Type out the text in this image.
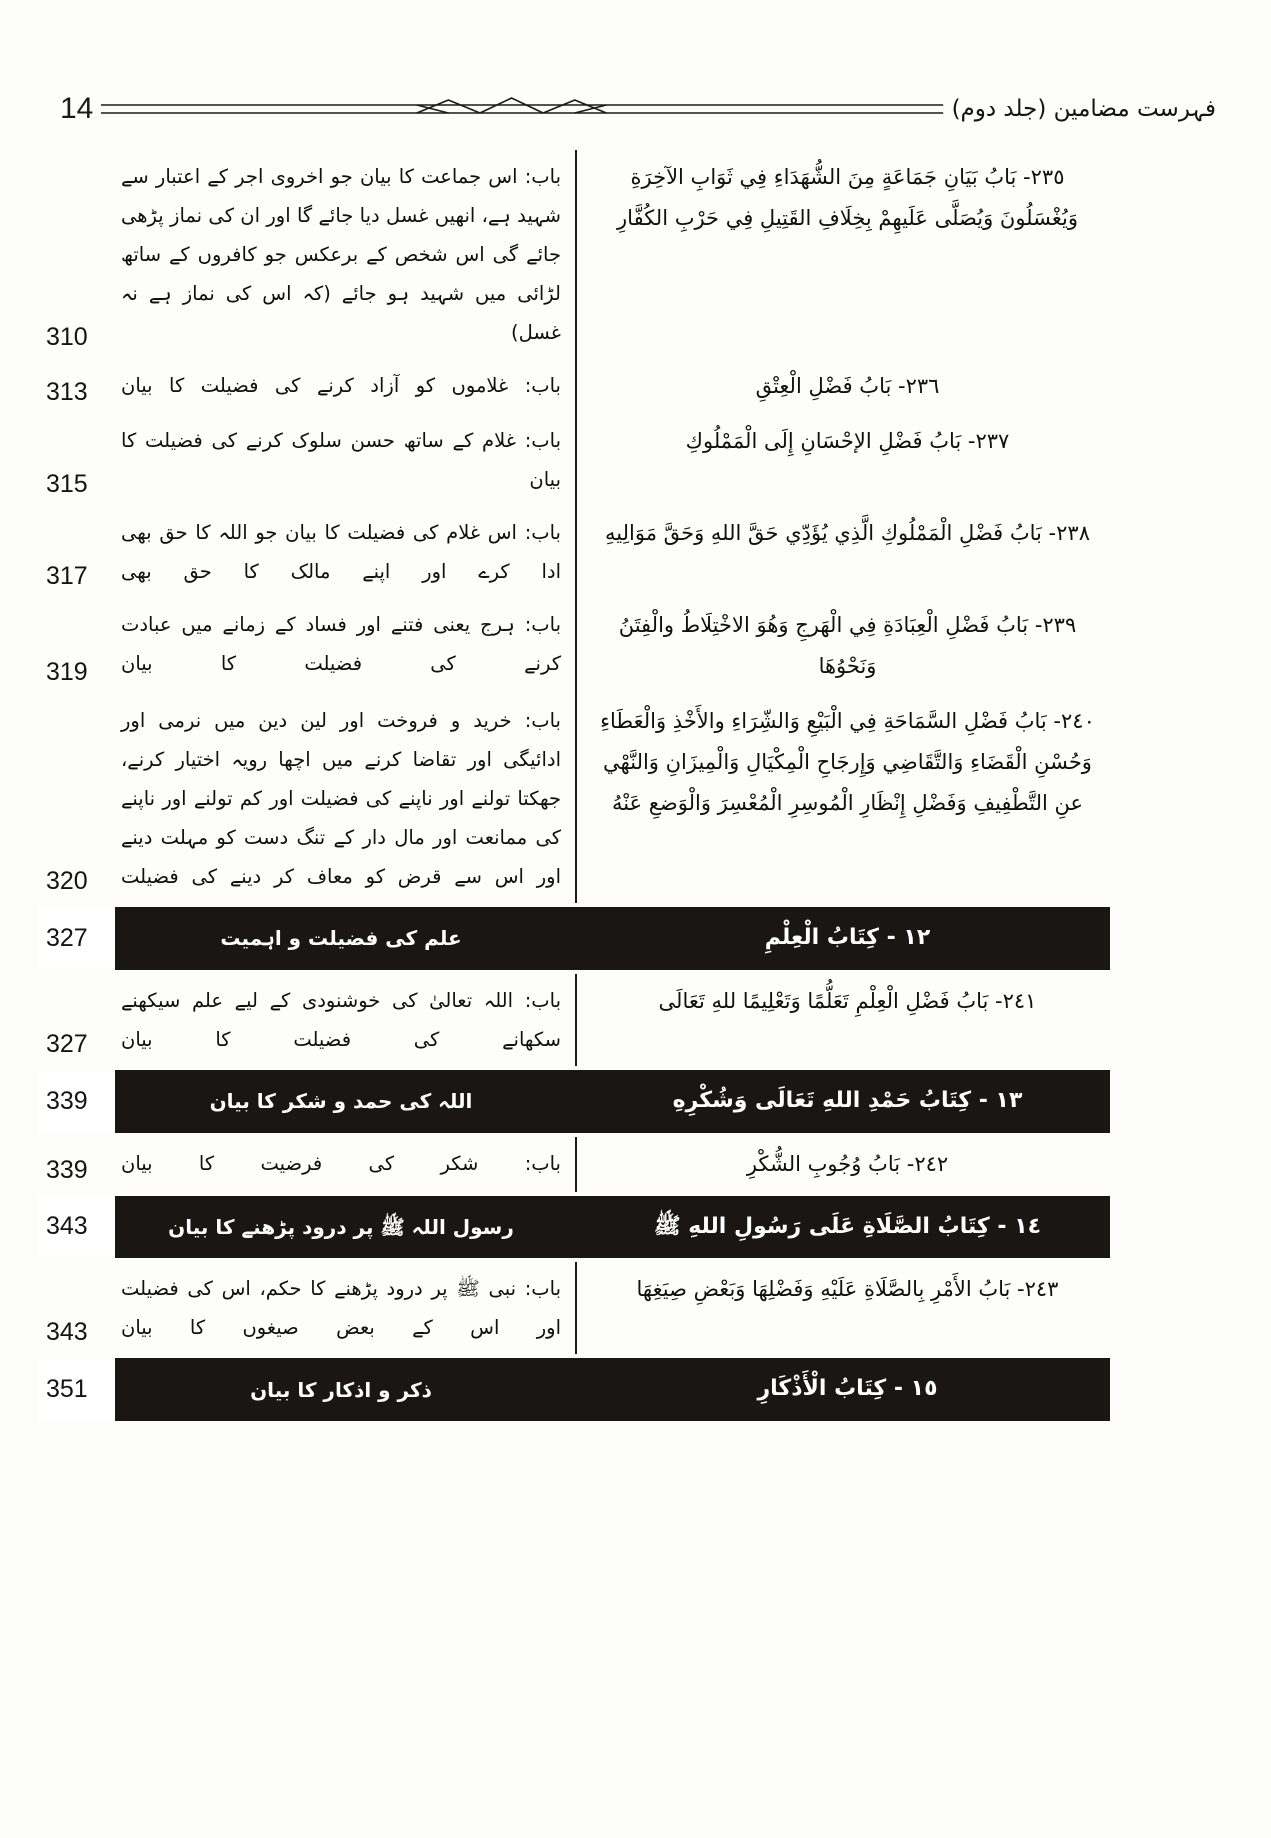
14	فہرست مضامین (جلد دوم)
٢٣٥- بَابُ بَيَانِ جَمَاعَةٍ مِنَ الشُّهَدَاءِ فِي ثَوَابِ الآخِرَةِ وَيُغْسَلُونَ وَيُصَلَّى عَلَيهِمْ بِخِلَافِ القَتِيلِ فِي حَرْبِ الكُفَّارِ
باب: اس جماعت کا بیان جو اخروی اجر کے اعتبار سے شہید ہے، انھیں غسل دیا جائے گا اور ان کی نماز پڑھی جائے گی اس شخص کے برعکس جو کافروں کے ساتھ لڑائی میں شہید ہو جائے (کہ اس کی نماز ہے نہ غسل)
310
٢٣٦- بَابُ فَضْلِ الْعِتْقِ
باب: غلاموں کو آزاد کرنے کی فضیلت کا بیان
313
٢٣٧- بَابُ فَضْلِ الإحْسَانِ إِلَى الْمَمْلُوكِ
باب: غلام کے ساتھ حسن سلوک کرنے کی فضیلت کا بیان
315
٢٣٨- بَابُ فَضْلِ الْمَمْلُوكِ الَّذِي يُؤَدِّي حَقَّ اللهِ وَحَقَّ مَوَالِيهِ
باب: اس غلام کی فضیلت کا بیان جو اللہ کا حق بھی ادا کرے اور اپنے مالک کا حق بھی
317
٢٣٩- بَابُ فَضْلِ الْعِبَادَةِ فِي الْهَرجِ وَهُوَ الاخْتِلَاطُ والْفِتَنُ وَنَحْوُهَا
باب: ہرج یعنی فتنے اور فساد کے زمانے میں عبادت کرنے کی فضیلت کا بیان
319
٢٤٠- بَابُ فَضْلِ السَّمَاحَةِ فِي الْبَيْعِ وَالشِّرَاءِ والأَخْذِ وَالْعَطَاءِ وَحُسْنِ الْقَضَاءِ وَالتَّقَاضِي وَإِرجَاحِ الْمِكْيَالِ وَالْمِيزَانِ وَالنَّهْي عنِ التَّطْفِيفِ وَفَضْلِ إِنْظَارِ الْمُوسِرِ الْمُعْسِرَ وَالْوَضعِ عَنْهُ
باب: خرید و فروخت اور لین دین میں نرمی اور ادائیگی اور تقاضا کرنے میں اچھا رویہ اختیار کرنے، جھکتا تولنے اور ناپنے کی فضیلت اور کم تولنے اور ناپنے کی ممانعت اور مال دار کے تنگ دست کو مہلت دینے اور اس سے قرض کو معاف کر دینے کی فضیلت
320
١٢ - كِتَابُ الْعِلْمِ
علم کی فضیلت و اہمیت
327
٢٤١- بَابُ فَضْلِ الْعِلْمِ تَعَلُّمًا وَتَعْلِيمًا للهِ تَعَالَى
باب: اللہ تعالیٰ کی خوشنودی کے لیے علم سیکھنے سکھانے کی فضیلت کا بیان
327
١٣ - كِتَابُ حَمْدِ اللهِ تَعَالَى وَشُكْرِهِ
اللہ کی حمد و شکر کا بیان
339
٢٤٢- بَابُ وُجُوبِ الشُّكْرِ
باب: شکر کی فرضیت کا بیان
339
١٤ - كِتَابُ الصَّلَاةِ عَلَى رَسُولِ اللهِ ﷺ
رسول اللہ ﷺ پر درود پڑھنے کا بیان
343
٢٤٣- بَابُ الأَمْرِ بِالصَّلَاةِ عَلَيْهِ وَفَضْلِهَا وَبَعْضِ صِيَغِهَا
باب: نبی ﷺ پر درود پڑھنے کا حکم، اس کی فضیلت اور اس کے بعض صیغوں کا بیان
343
١٥ - كِتَابُ الْأَذْكَارِ
ذکر و اذکار کا بیان
351
